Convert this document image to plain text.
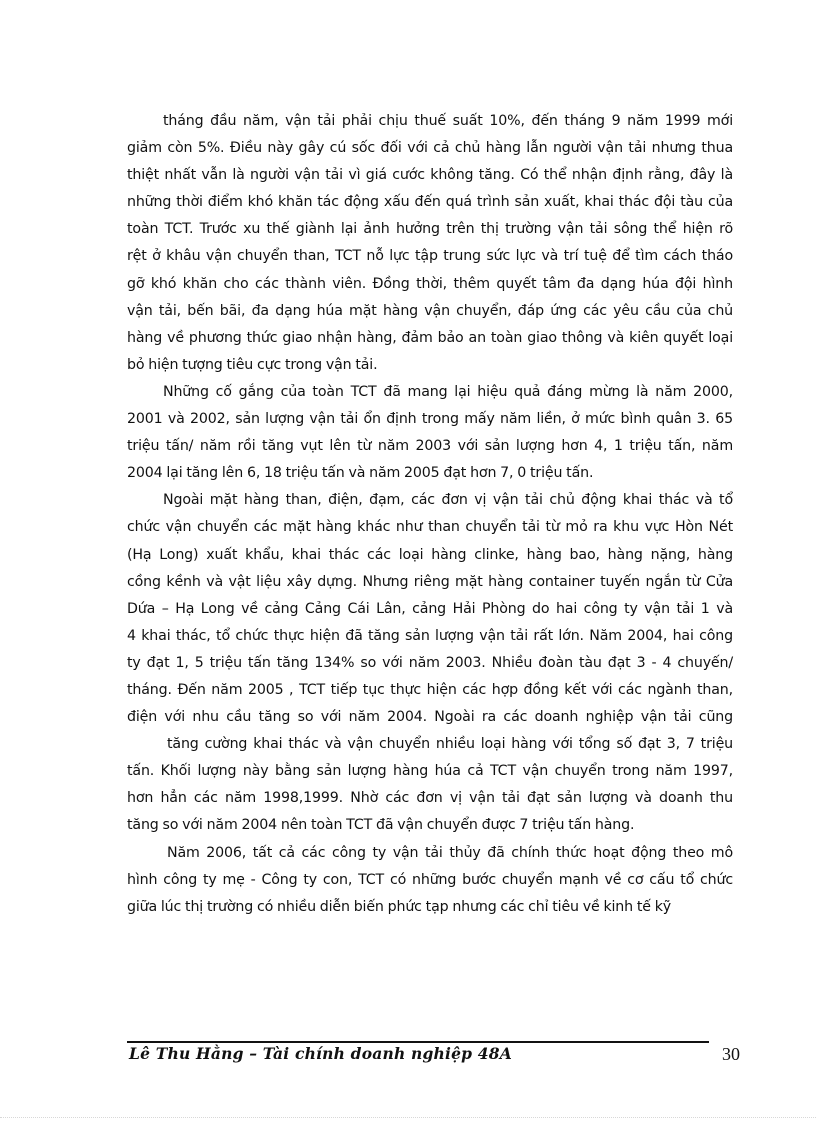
tháng đầu năm, vận tải phải chịu thuế suất 10%, đến tháng 9 năm 1999 mới
giảm còn 5%. Điều này gây cú sốc đối với cả chủ hàng lẫn người vận tải nhưng thua
thiệt nhất vẫn là người vận tải vì giá cước không tăng. Có thể nhận định rằng, đây là
những thời điểm khó khăn tác động xấu đến quá trình sản xuất, khai thác đội tàu của
toàn TCT. Trước xu thế giành lại ảnh hưởng trên thị trường vận tải sông thể hiện rõ
rệt ở khâu vận chuyển than, TCT nỗ lực tập trung sức lực và trí tuệ để tìm cách tháo
gỡ khó khăn cho các thành viên. Đồng thời, thêm quyết tâm đa dạng húa đội hình
vận tải, bến bãi, đa dạng húa mặt hàng vận chuyển, đáp ứng các yêu cầu của chủ
hàng về phương thức giao nhận hàng, đảm bảo an toàn giao thông và kiên quyết loại
bỏ hiện tượng tiêu cực trong vận tải.
Những cố gắng của toàn TCT đã mang lại hiệu quả đáng mừng là năm 2000,
2001 và 2002, sản lượng vận tải ổn định trong mấy năm liền, ở mức bình quân 3. 65
triệu tấn/ năm rồi tăng vụt lên từ năm 2003 với sản lượng hơn 4, 1 triệu tấn, năm
2004 lại tăng lên 6, 18 triệu tấn và năm 2005 đạt hơn 7, 0 triệu tấn.
Ngoài mặt hàng than, điện, đạm, các đơn vị vận tải chủ động khai thác và tổ
chức vận chuyển các mặt hàng khác như than chuyển tải từ mỏ ra khu vực Hòn Nét
(Hạ Long) xuất khẩu, khai thác các loại hàng clinke, hàng bao, hàng nặng, hàng
cồng kềnh và vật liệu xây dựng. Nhưng riêng mặt hàng container tuyến ngắn từ Cửa
Dứa – Hạ Long về cảng Cảng Cái Lân, cảng Hải Phòng do hai công ty vận tải 1 và
4 khai thác, tổ chức thực hiện đã tăng sản lượng vận tải rất lớn. Năm 2004, hai công
ty đạt 1, 5 triệu tấn tăng 134% so với năm 2003. Nhiều đoàn tàu đạt 3 - 4 chuyến/
tháng. Đến năm 2005 , TCT tiếp tục thực hiện các hợp đồng kết với các ngành than,
điện với nhu cầu tăng so với năm 2004. Ngoài ra các doanh nghiệp vận tải cũng
tăng cường khai thác và vận chuyển nhiều loại hàng với tổng số đạt 3, 7 triệu
tấn. Khối lượng này bằng sản lượng hàng húa cả TCT vận chuyển trong năm 1997,
hơn hẳn các năm 1998,1999. Nhờ các đơn vị vận tải đạt sản lượng và doanh thu
tăng so với năm 2004 nên toàn TCT đã vận chuyển được 7 triệu tấn hàng.
Năm 2006, tất cả các công ty vận tải thủy đã chính thức hoạt động theo mô
hình công ty mẹ - Công ty con, TCT có những bước chuyển mạnh về cơ cấu tổ chức
giữa lúc thị trường có nhiều diễn biến phức tạp nhưng các chỉ tiêu về kinh tế kỹ
Lê Thu Hằng – Tài chính doanh nghiệp 48A	30
